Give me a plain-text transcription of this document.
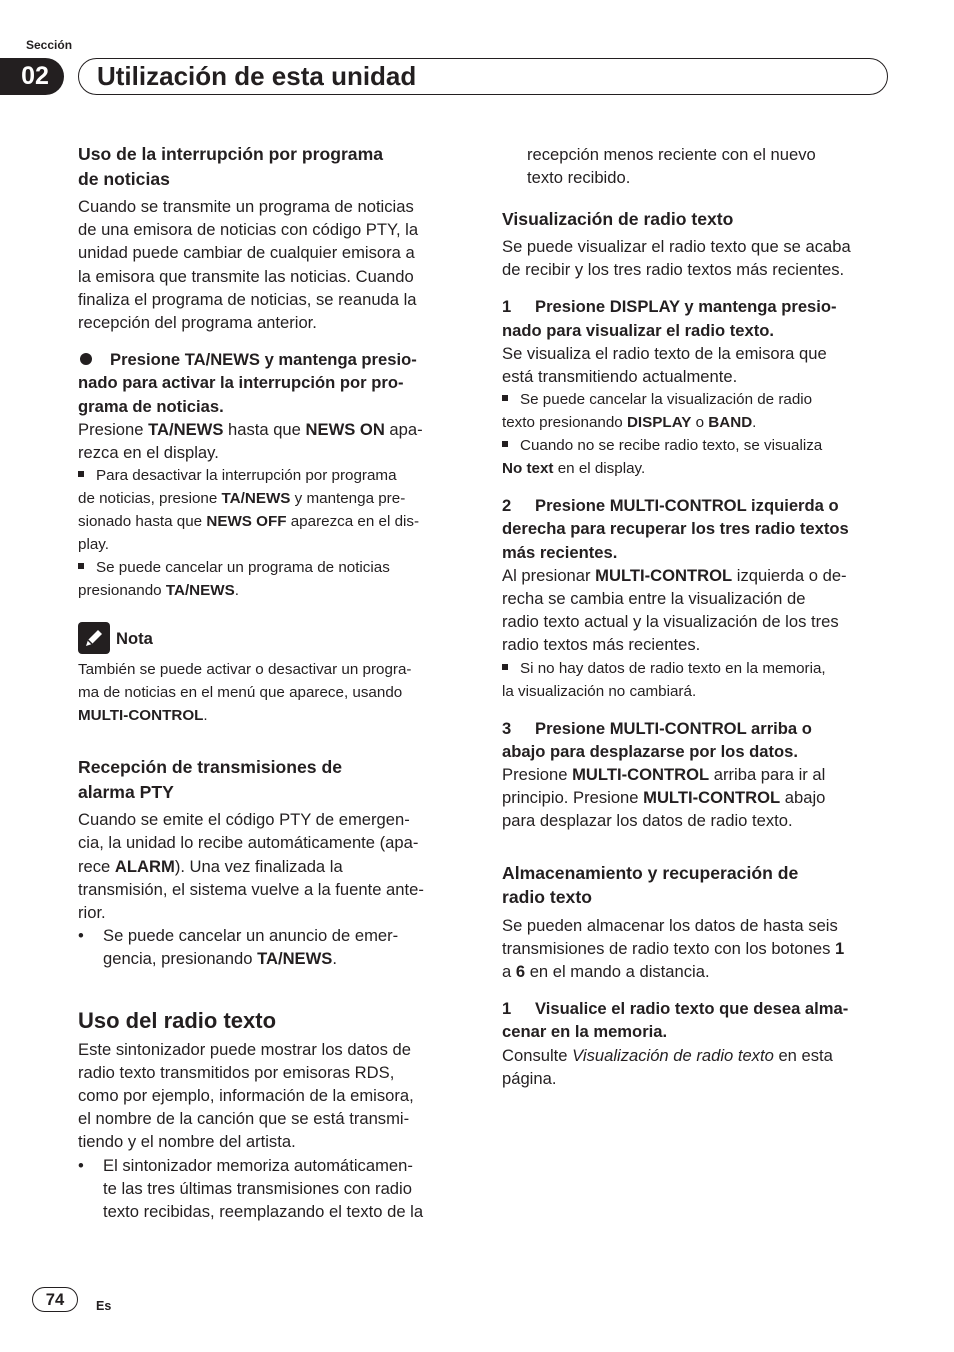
Sección
02	Utilización de esta unidad
Uso de la interrupción por programa
de noticias
Cuando se transmite un programa de noticias
de una emisora de noticias con código PTY, la
unidad puede cambiar de cualquier emisora a
la emisora que transmite las noticias. Cuando
finaliza el programa de noticias, se reanuda la
recepción del programa anterior.
Presione TA/NEWS y mantenga presio-
nado para activar la interrupción por pro-
grama de noticias.
Presione TA/NEWS hasta que NEWS ON apa-
rezca en el display.
Para desactivar la interrupción por programa
de noticias, presione TA/NEWS y mantenga pre-
sionado hasta que NEWS OFF aparezca en el dis-
play.
Se puede cancelar un programa de noticias
presionando TA/NEWS.
Nota
También se puede activar o desactivar un progra-
ma de noticias en el menú que aparece, usando
MULTI-CONTROL.
Recepción de transmisiones de
alarma PTY
Cuando se emite el código PTY de emergen-
cia, la unidad lo recibe automáticamente (apa-
rece ALARM). Una vez finalizada la
transmisión, el sistema vuelve a la fuente ante-
rior.
• Se puede cancelar un anuncio de emer-
gencia, presionando TA/NEWS.
Uso del radio texto
Este sintonizador puede mostrar los datos de
radio texto transmitidos por emisoras RDS,
como por ejemplo, información de la emisora,
el nombre de la canción que se está transmi-
tiendo y el nombre del artista.
• El sintonizador memoriza automáticamen-
te las tres últimas transmisiones con radio
texto recibidas, reemplazando el texto de la
recepción menos reciente con el nuevo
texto recibido.
Visualización de radio texto
Se puede visualizar el radio texto que se acaba
de recibir y los tres radio textos más recientes.
1 Presione DISPLAY y mantenga presio-
nado para visualizar el radio texto.
Se visualiza el radio texto de la emisora que
está transmitiendo actualmente.
Se puede cancelar la visualización de radio
texto presionando DISPLAY o BAND.
Cuando no se recibe radio texto, se visualiza
No text en el display.
2 Presione MULTI-CONTROL izquierda o
derecha para recuperar los tres radio textos
más recientes.
Al presionar MULTI-CONTROL izquierda o de-
recha se cambia entre la visualización de
radio texto actual y la visualización de los tres
radio textos más recientes.
Si no hay datos de radio texto en la memoria,
la visualización no cambiará.
3 Presione MULTI-CONTROL arriba o
abajo para desplazarse por los datos.
Presione MULTI-CONTROL arriba para ir al
principio. Presione MULTI-CONTROL abajo
para desplazar los datos de radio texto.
Almacenamiento y recuperación de
radio texto
Se pueden almacenar los datos de hasta seis
transmisiones de radio texto con los botones 1
a 6 en el mando a distancia.
1 Visualice el radio texto que desea alma-
cenar en la memoria.
Consulte Visualización de radio texto en esta
página.
74	Es
